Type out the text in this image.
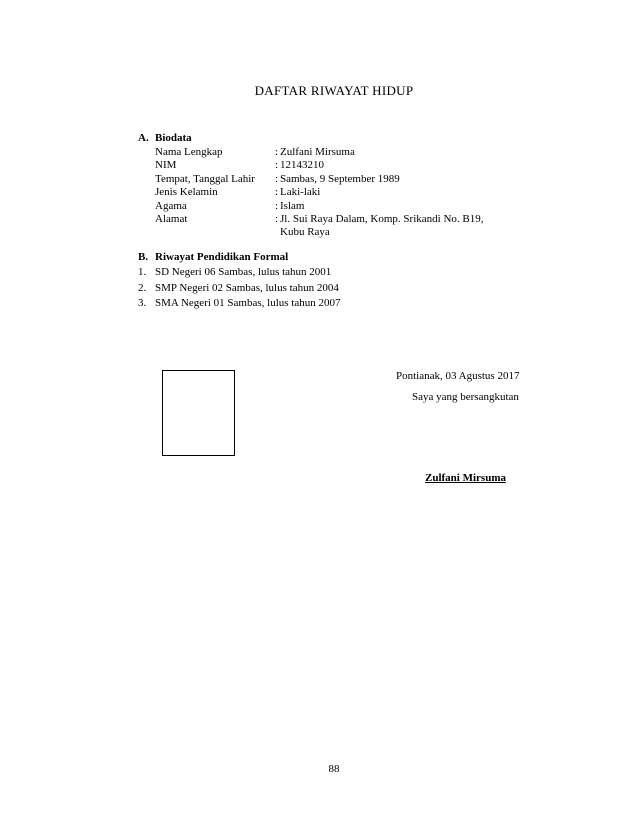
DAFTAR RIWAYAT HIDUP
A. Biodata
Nama Lengkap	: Zulfani Mirsuma
NIM	: 12143210
Tempat, Tanggal Lahir	: Sambas, 9 September 1989
Jenis Kelamin	: Laki-laki
Agama	: Islam
Alamat	: Jl. Sui Raya Dalam, Komp. Srikandi No. B19,
Kubu Raya
B. Riwayat Pendidikan Formal
1. SD Negeri 06 Sambas, lulus tahun 2001
2. SMP Negeri 02 Sambas, lulus tahun 2004
3. SMA Negeri 01 Sambas, lulus tahun 2007
Pontianak, 03 Agustus 2017
Saya yang bersangkutan
Zulfani Mirsuma
88
